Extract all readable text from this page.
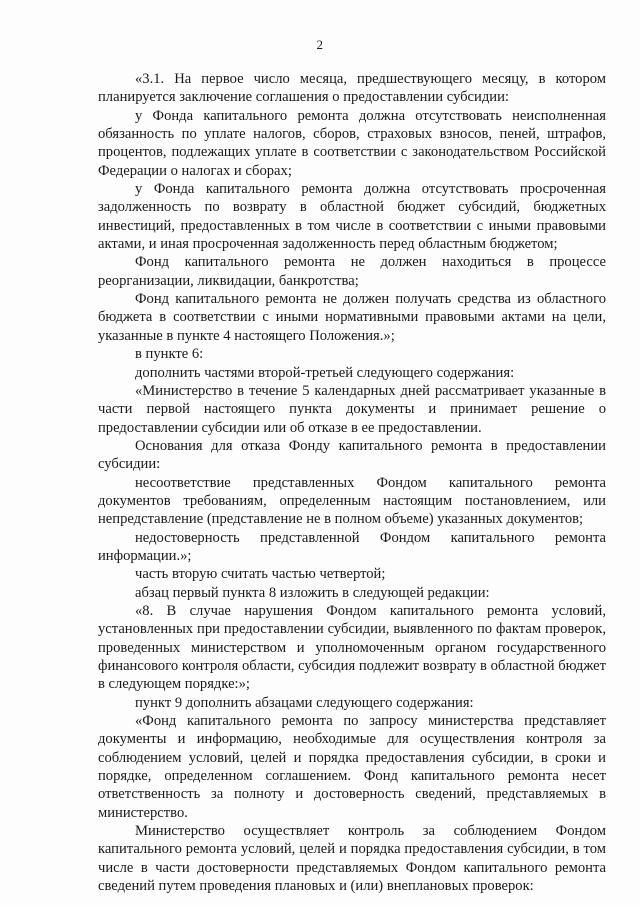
2

«3.1. На первое число месяца, предшествующего месяцу, в котором планируется заключение соглашения о предоставлении субсидии:

у Фонда капитального ремонта должна отсутствовать неисполненная обязанность по уплате налогов, сборов, страховых взносов, пеней, штрафов, процентов, подлежащих уплате в соответствии с законодательством Российской Федерации о налогах и сборах;

у Фонда капитального ремонта должна отсутствовать просроченная задолженность по возврату в областной бюджет субсидий, бюджетных инвестиций, предоставленных в том числе в соответствии с иными правовыми актами, и иная просроченная задолженность перед областным бюджетом;

Фонд капитального ремонта не должен находиться в процессе реорганизации, ликвидации, банкротства;

Фонд капитального ремонта не должен получать средства из областного бюджета в соответствии с иными нормативными правовыми актами на цели, указанные в пункте 4 настоящего Положения.»;

в пункте 6:

дополнить частями второй-третьей следующего содержания:

«Министерство в течение 5 календарных дней рассматривает указанные в части первой настоящего пункта документы и принимает решение о предоставлении субсидии или об отказе в ее предоставлении.

Основания для отказа Фонду капитального ремонта в предоставлении субсидии:

несоответствие представленных Фондом капитального ремонта документов требованиям, определенным настоящим постановлением, или непредставление (представление не в полном объеме) указанных документов;

недостоверность представленной Фондом капитального ремонта информации.»;

часть вторую считать частью четвертой;

абзац первый пункта 8 изложить в следующей редакции:

«8. В случае нарушения Фондом капитального ремонта условий, установленных при предоставлении субсидии, выявленного по фактам проверок, проведенных министерством и уполномоченным органом государственного финансового контроля области, субсидия подлежит возврату в областной бюджет в следующем порядке:»;

пункт 9 дополнить абзацами следующего содержания:

«Фонд капитального ремонта по запросу министерства представляет документы и информацию, необходимые для осуществления контроля за соблюдением условий, целей и порядка предоставления субсидии, в сроки и порядке, определенном соглашением. Фонд капитального ремонта несет ответственность за полноту и достоверность сведений, представляемых в министерство.

Министерство осуществляет контроль за соблюдением Фондом капитального ремонта условий, целей и порядка предоставления субсидии, в том числе в части достоверности представляемых Фондом капитального ремонта сведений путем проведения плановых и (или) внеплановых проверок:
